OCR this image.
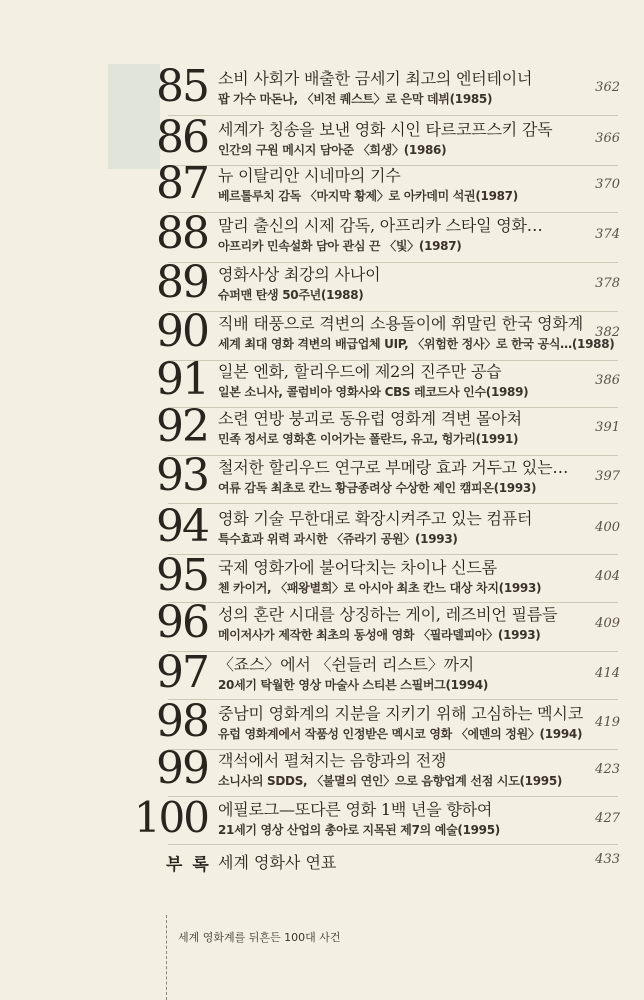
85 소비 사회가 배출한 금세기 최고의 엔터테이너
팝 가수 마돈나, 〈비전 퀘스트〉로 은막 데뷔(1985)
362
86 세계가 칭송을 보낸 영화 시인 타르코프스키 감독
인간의 구원 메시지 담아준 〈희생〉(1986)
366
87 뉴 이탈리안 시네마의 기수
베르톨루치 감독 〈마지막 황제〉로 아카데미 석권(1987)
370
88 말리 출신의 시제 감독, 아프리카 스타일 영화…
아프리카 민속설화 담아 관심 끈 〈빛〉(1987)
374
89 영화사상 최강의 사나이
슈퍼맨 탄생 50주년(1988)
378
90 직배 태풍으로 격변의 소용돌이에 휘말린 한국 영화계
세계 최대 영화 격변의 배급업체 UIP, 〈위험한 정사〉로 한국 공식…(1988)
382
91 일본 엔화, 할리우드에 제2의 진주만 공습
일본 소니사, 콜럼비아 영화사와 CBS 레코드사 인수(1989)
386
92 소련 연방 붕괴로 동유럽 영화계 격변 몰아쳐
민족 정서로 영화혼 이어가는 폴란드, 유고, 헝가리(1991)
391
93 철저한 할리우드 연구로 부메랑 효과 거두고 있는…
여류 감독 최초로 칸느 황금종려상 수상한 제인 캠피온(1993)
397
94 영화 기술 무한대로 확장시켜주고 있는 컴퓨터
특수효과 위력 과시한 〈쥬라기 공원〉(1993)
400
95 국제 영화가에 불어닥치는 차이나 신드롬
첸 카이거, 〈패왕별희〉로 아시아 최초 칸느 대상 차지(1993)
404
96 성의 혼란 시대를 상징하는 게이, 레즈비언 필름들
메이저사가 제작한 최초의 동성애 영화 〈필라델피아〉(1993)
409
97 〈죠스〉에서 〈쉰들러 리스트〉까지
20세기 탁월한 영상 마술사 스티븐 스필버그(1994)
414
98 중남미 영화계의 지분을 지키기 위해 고심하는 멕시코
유럽 영화계에서 작품성 인정받은 멕시코 영화 〈에덴의 정원〉(1994)
419
99 객석에서 펼쳐지는 음향과의 전쟁
소니사의 SDDS, 〈불멸의 연인〉으로 음향업계 선점 시도(1995)
423
100 에필로그—또다른 영화 1백 년을 향하여
21세기 영상 산업의 총아로 지목된 제7의 예술(1995)
427
부 록 세계 영화사 연표	433
세계 영화계를 뒤흔든 100대 사건
